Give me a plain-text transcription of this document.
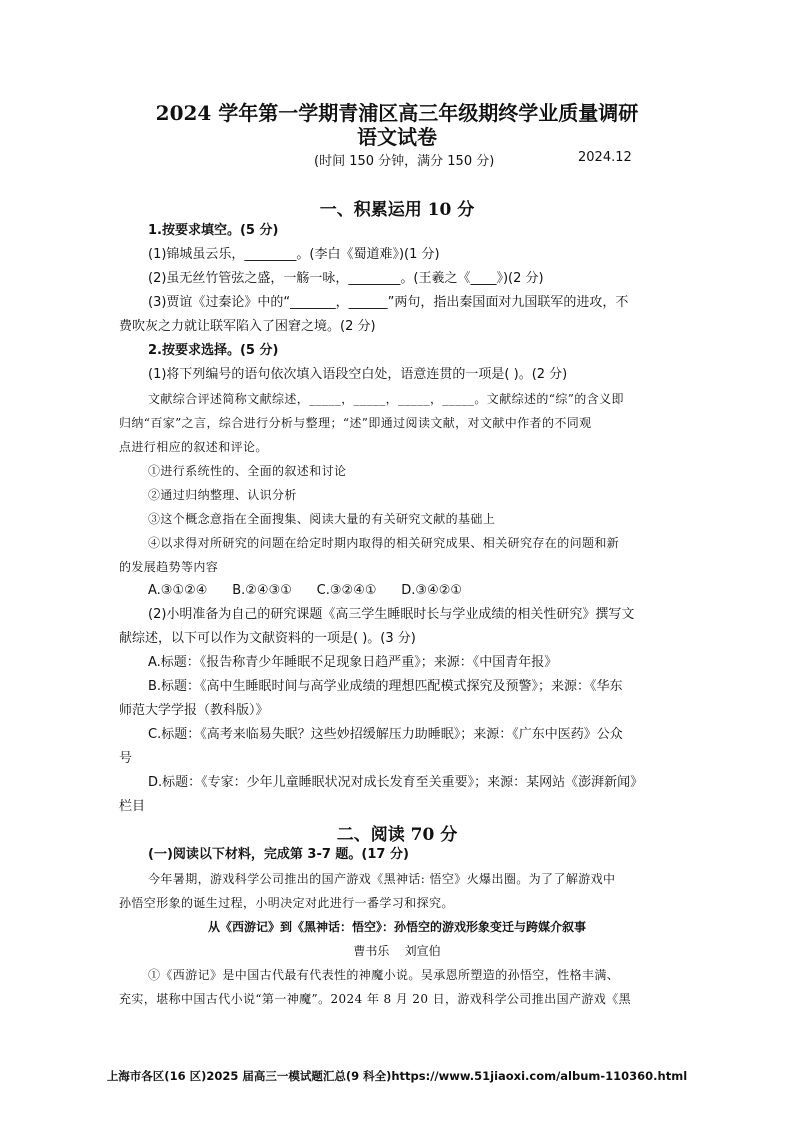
2024 学年第一学期青浦区高三年级期终学业质量调研
语文试卷
(时间 150 分钟，满分 150 分)	2024.12
一、积累运用 10 分
1.按要求填空。(5 分)
(1)锦城虽云乐，________。(李白《蜀道难》)(1 分)
(2)虽无丝竹管弦之盛，一觞一咏，________。(王羲之《____》)(2 分)
(3)贾谊《过秦论》中的“_______，______”两句，指出秦国面对九国联军的进攻，不
费吹灰之力就让联军陷入了困窘之境。(2 分)
2.按要求选择。(5 分)
(1)将下列编号的语句依次填入语段空白处，语意连贯的一项是( )。(2 分)
文献综合评述简称文献综述，_____，_____，_____，_____。文献综述的“综”的含义即
归纳“百家”之言，综合进行分析与整理；“述”即通过阅读文献，对文献中作者的不同观
点进行相应的叙述和评论。
①进行系统性的、全面的叙述和讨论
②通过归纳整理、认识分析
③这个概念意指在全面搜集、阅读大量的有关研究文献的基础上
④以求得对所研究的问题在给定时期内取得的相关研究成果、相关研究存在的问题和新
的发展趋势等内容
A.③①②④      B.②④③①      C.③②④①      D.③④②①
(2)小明准备为自己的研究课题《高三学生睡眠时长与学业成绩的相关性研究》撰写文
献综述，以下可以作为文献资料的一项是( )。(3 分)
A.标题：《报告称青少年睡眠不足现象日趋严重》；来源：《中国青年报》
B.标题：《高中生睡眠时间与高学业成绩的理想匹配模式探究及预警》；来源：《华东
师范大学学报（教科版）》
C.标题：《高考来临易失眠？这些妙招缓解压力助睡眠》；来源：《广东中医药》公众
号
D.标题：《专家：少年儿童睡眠状况对成长发育至关重要》；来源：某网站《澎湃新闻》
栏目
二、阅读 70 分
(一)阅读以下材料，完成第 3-7 题。(17 分)
今年暑期，游戏科学公司推出的国产游戏《黑神话: 悟空》火爆出圈。为了了解游戏中
孙悟空形象的诞生过程，小明决定对此进行一番学习和探究。
从《西游记》到《黑神话：悟空》：孙悟空的游戏形象变迁与跨媒介叙事
曹书乐    刘宣伯
①《西游记》是中国古代最有代表性的神魔小说。吴承恩所塑造的孙悟空，性格丰满、
充实，堪称中国古代小说“第一神魔”。2024 年 8 月 20 日，游戏科学公司推出国产游戏《黑
上海市各区(16 区)2025 届高三一模试题汇总(9 科全)https://www.51jiaoxi.com/album-110360.html
